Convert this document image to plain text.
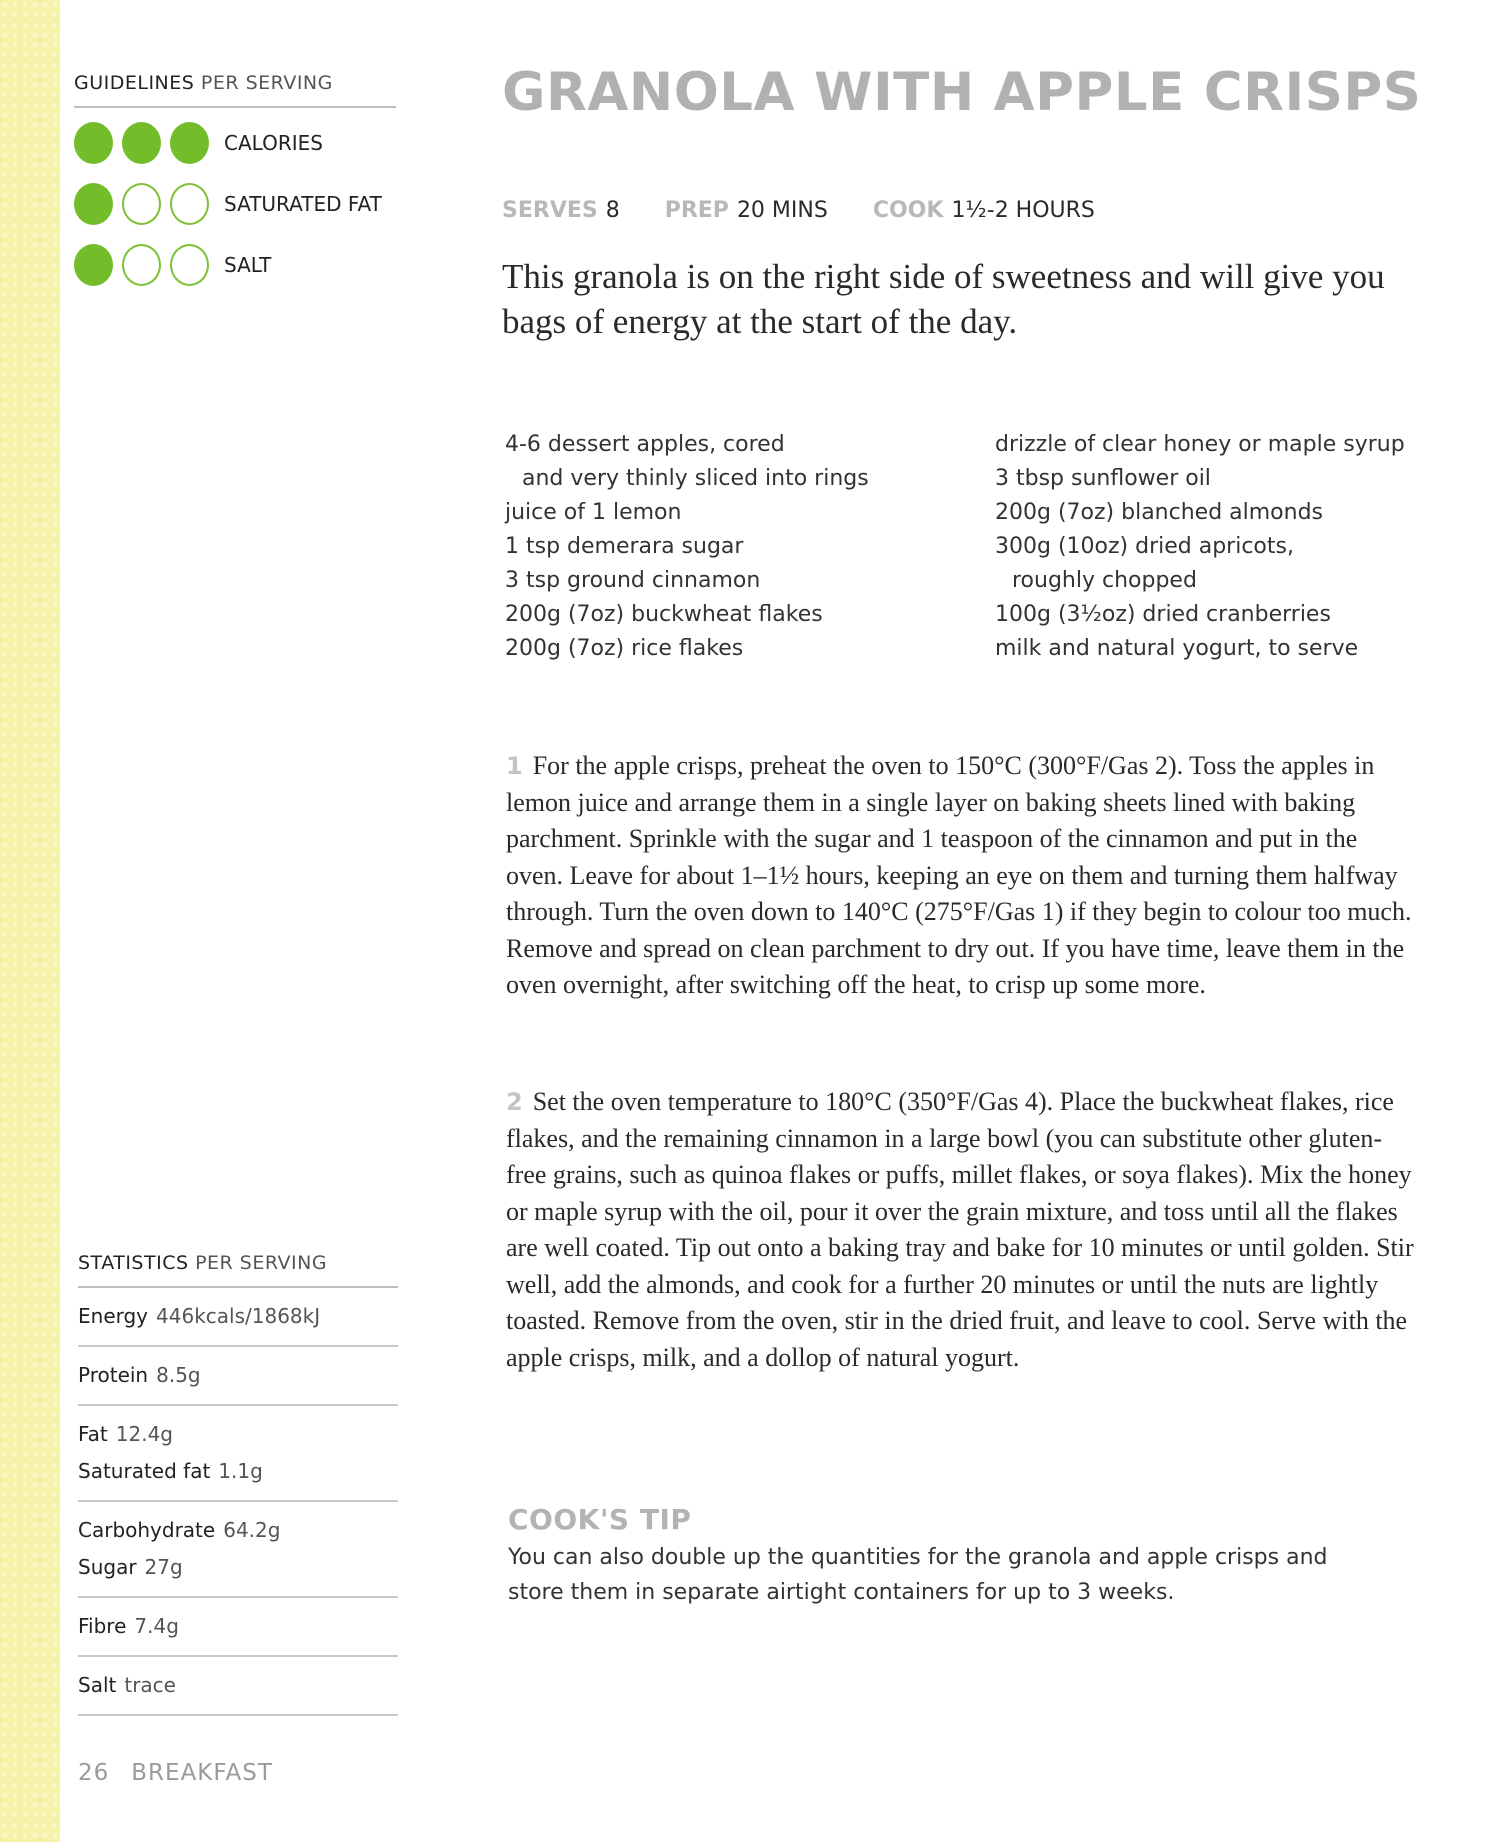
GUIDELINES PER SERVING
CALORIES
SATURATED FAT
SALT
GRANOLA WITH APPLE CRISPS
SERVES 8 PREP 20 MINS COOK 1½-2 HOURS
This granola is on the right side of sweetness and will give you bags of energy at the start of the day.
4-6 dessert apples, cored
and very thinly sliced into rings
juice of 1 lemon
1 tsp demerara sugar
3 tsp ground cinnamon
200g (7oz) buckwheat flakes
200g (7oz) rice flakes
drizzle of clear honey or maple syrup
3 tbsp sunflower oil
200g (7oz) blanched almonds
300g (10oz) dried apricots,
roughly chopped
100g (3½oz) dried cranberries
milk and natural yogurt, to serve
1 For the apple crisps, preheat the oven to 150°C (300°F/Gas 2). Toss the apples in lemon juice and arrange them in a single layer on baking sheets lined with baking parchment. Sprinkle with the sugar and 1 teaspoon of the cinnamon and put in the oven. Leave for about 1–1½ hours, keeping an eye on them and turning them halfway through. Turn the oven down to 140°C (275°F/Gas 1) if they begin to colour too much. Remove and spread on clean parchment to dry out. If you have time, leave them in the oven overnight, after switching off the heat, to crisp up some more.
2 Set the oven temperature to 180°C (350°F/Gas 4). Place the buckwheat flakes, rice flakes, and the remaining cinnamon in a large bowl (you can substitute other gluten-free grains, such as quinoa flakes or puffs, millet flakes, or soya flakes). Mix the honey or maple syrup with the oil, pour it over the grain mixture, and toss until all the flakes are well coated. Tip out onto a baking tray and bake for 10 minutes or until golden. Stir well, add the almonds, and cook for a further 20 minutes or until the nuts are lightly toasted. Remove from the oven, stir in the dried fruit, and leave to cool. Serve with the apple crisps, milk, and a dollop of natural yogurt.
COOK'S TIP
You can also double up the quantities for the granola and apple crisps and store them in separate airtight containers for up to 3 weeks.
STATISTICS PER SERVING
Energy 446kcals/1868kJ
Protein 8.5g
Fat 12.4g
Saturated fat 1.1g
Carbohydrate 64.2g
Sugar 27g
Fibre 7.4g
Salt trace
26 BREAKFAST
